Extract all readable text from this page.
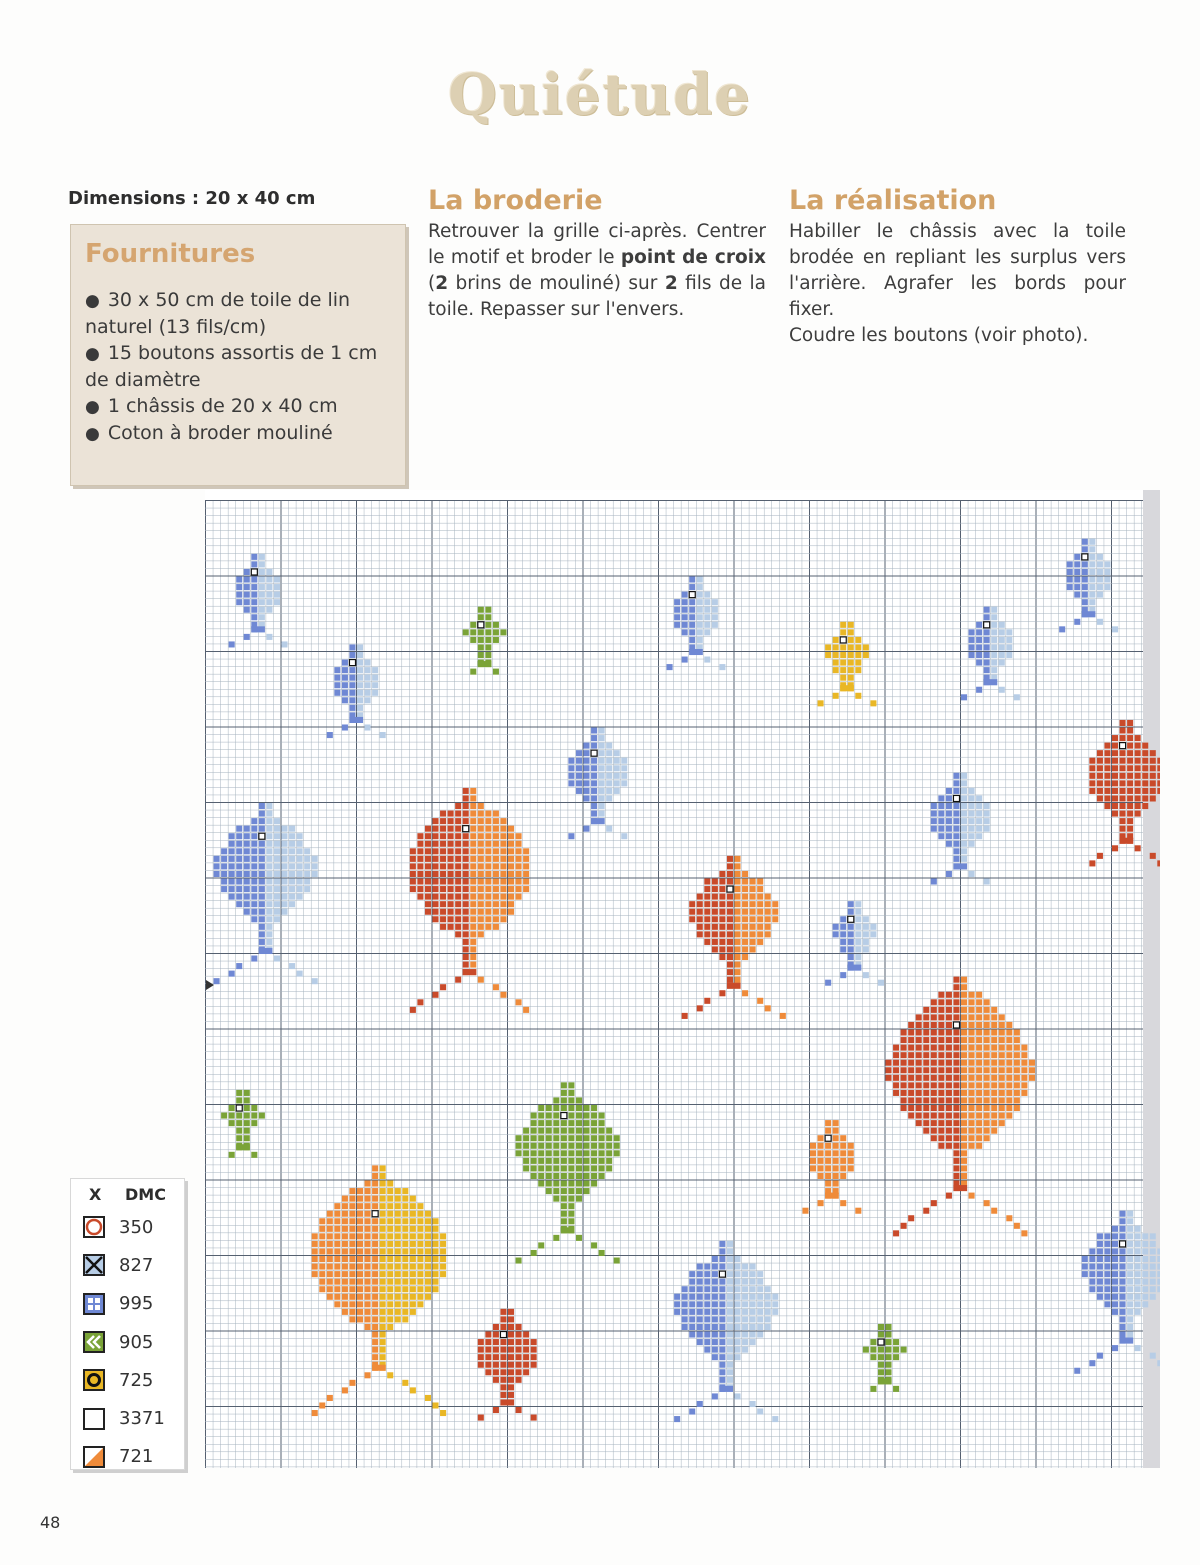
Quiétude
Dimensions : 20 x 40 cm
Fournitures
● 30 x 50 cm de toile de lin naturel (13 fils/cm)
● 15 boutons assortis de 1 cm de diamètre
● 1 châssis de 20 x 40 cm
● Coton à broder mouliné
La broderie

Retrouver la grille ci-après. Centrer le motif et broder le point de croix (2 brins de mouliné) sur 2 fils de la toile. Repasser sur l'envers.

La réalisation

Habiller le châssis avec la toile brodée en repliant les surplus vers l'arrière. Agrafer les bords pour fixer.

Coudre les boutons (voir photo).

X	DMC
350
827
995
905
725
3371
721
48
